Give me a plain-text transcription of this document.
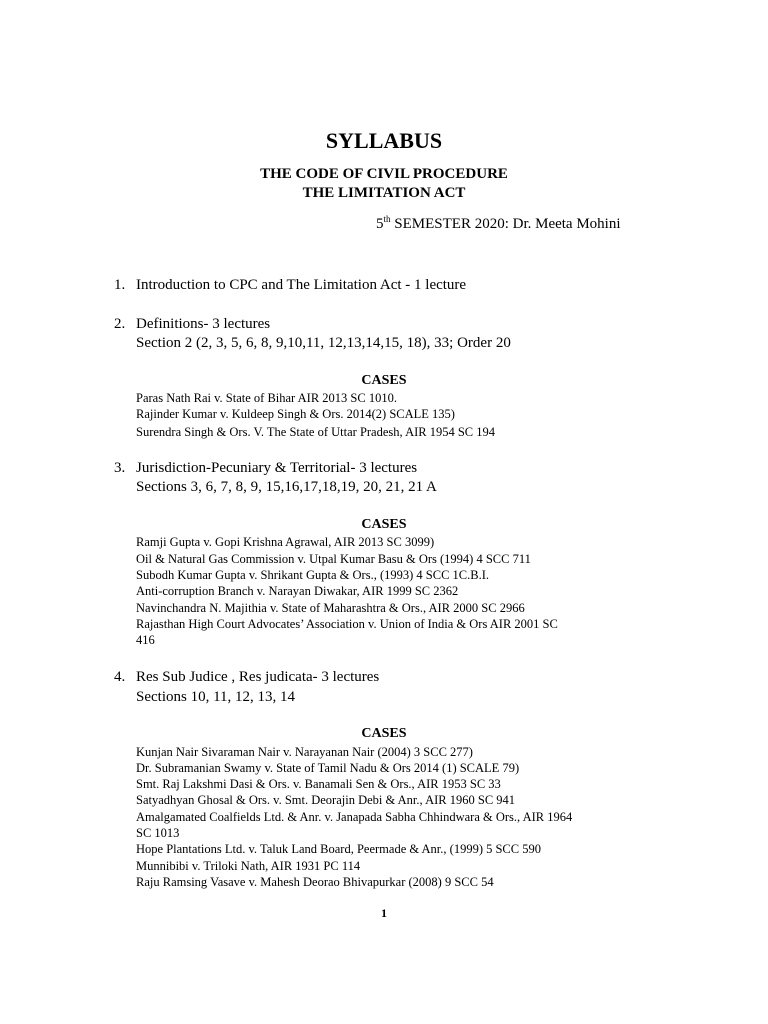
SYLLABUS
THE CODE OF CIVIL PROCEDURE
THE LIMITATION ACT
5th SEMESTER 2020: Dr. Meeta Mohini
1. Introduction to CPC and The Limitation Act - 1 lecture
2. Definitions- 3 lectures
Section 2 (2, 3, 5, 6, 8, 9,10,11, 12,13,14,15, 18), 33; Order 20
CASES
Paras Nath Rai v. State of Bihar AIR 2013 SC 1010.
Rajinder Kumar v. Kuldeep Singh & Ors. 2014(2) SCALE 135)
Surendra Singh & Ors. V. The State of Uttar Pradesh, AIR 1954 SC 194
3. Jurisdiction-Pecuniary & Territorial- 3 lectures
Sections 3, 6, 7, 8, 9, 15,16,17,18,19, 20, 21, 21 A
CASES
Ramji Gupta v. Gopi Krishna Agrawal, AIR 2013 SC 3099)
Oil & Natural Gas Commission v. Utpal Kumar Basu & Ors (1994) 4 SCC 711
Subodh Kumar Gupta v. Shrikant Gupta & Ors., (1993) 4 SCC 1C.B.I.
Anti-corruption Branch v. Narayan Diwakar, AIR 1999 SC 2362
Navinchandra N. Majithia v. State of Maharashtra & Ors., AIR 2000 SC 2966
Rajasthan High Court Advocates’ Association v. Union of India & Ors AIR 2001 SC
416
4. Res Sub Judice , Res judicata- 3 lectures
Sections 10, 11, 12, 13, 14
CASES
Kunjan Nair Sivaraman Nair v. Narayanan Nair (2004) 3 SCC 277)
Dr. Subramanian Swamy v. State of Tamil Nadu & Ors 2014 (1) SCALE 79)
Smt. Raj Lakshmi Dasi & Ors. v. Banamali Sen & Ors., AIR 1953 SC 33
Satyadhyan Ghosal & Ors. v. Smt. Deorajin Debi & Anr., AIR 1960 SC 941
Amalgamated Coalfields Ltd. & Anr. v. Janapada Sabha Chhindwara & Ors., AIR 1964
SC 1013
Hope Plantations Ltd. v. Taluk Land Board, Peermade & Anr., (1999) 5 SCC 590
Munnibibi v. Triloki Nath, AIR 1931 PC 114
Raju Ramsing Vasave v. Mahesh Deorao Bhivapurkar (2008) 9 SCC 54
1
